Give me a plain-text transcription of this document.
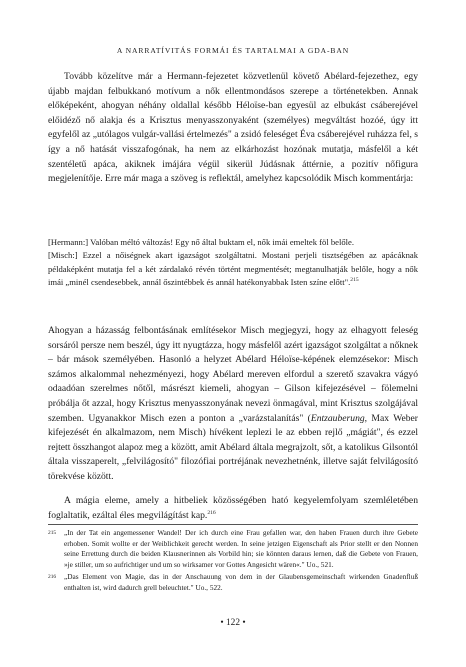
A NARRATÍVITÁS FORMÁI ÉS TARTALMAI A GDA-BAN

Tovább közelítve már a Hermann-fejezetet közvetlenül követő Abélard-fejezethez, egy újabb majdan felbukkanó motívum a nők ellentmondásos szerepe a történetekben. Annak előképeként, ahogyan néhány oldallal később Héloïse-ban egyesül az elbukást csáberejével előidéző nő alakja és a Krisztus menyasszonyaként (személyes) megváltást hozóé, úgy itt egyfelől az „utólagos vulgár-vallási értelmezés" a zsidó feleséget Éva csáberejével ruházza fel, s így a nő hatását visszafogónak, ha nem az elkárhozást hozónak mutatja, másfelől a két szentéletű apáca, akiknek imájára végül sikerül Júdásnak áttérnie, a pozitív nőfigura megjelenítője. Erre már maga a szöveg is reflektál, amelyhez kapcsolódik Misch kommentárja:

[Hermann:] Valóban méltó változás! Egy nő által buktam el, nők imái emeltek föl belőle.

[Misch:] Ezzel a nőiségnek akart igazságot szolgáltatni. Mostani perjeli tisztségében az apácáknak példaképként mutatja fel a két zárdalakó révén történt megmentését; megtanulhatják belőle, hogy a nők imái „minél csendesebbek, annál őszintébbek és annál hatékonyabbak Isten színe előtt".$^{215}$

Ahogyan a házasság felbontásának említésekor Misch megjegyzi, hogy az elhagyott feleség sorsáról persze nem beszél, úgy itt nyugtázza, hogy másfelől azért igazságot szolgáltat a nőknek – bár mások személyében. Hasonló a helyzet Abélard Héloïse-képének elemzésekor: Misch számos alkalommal nehezményezi, hogy Abélard mereven elfordul a szerető szavakra vágyó odaadóan szerelmes nőtől, másrészt kiemeli, ahogyan – Gilson kifejezésével – fölemelni próbálja őt azzal, hogy Krisztus menyasszonyának nevezi önmagával, mint Krisztus szolgájával szemben. Ugyanakkor Misch ezen a ponton a „varázstalanítás" (Entzauberung, Max Weber kifejezését én alkalmazom, nem Misch) hívékent leplezi le az ebben rejlő „mágiát", és ezzel rejtett összhangot alapoz meg a között, amit Abélard általa megrajzolt, sőt, a katolikus Gilsontól általa visszaperelt, „felvilágosító" filozófiai portréjának nevezhetnénk, illetve saját felvilágosító törekvése között.

A mágia eleme, amely a hitbeliek közösségében ható kegyelemfolyam szemléletében foglaltatik, ezáltal éles megvilágítást kap.$^{216}$

215	„In der Tat ein angemessener Wandel! Der ich durch eine Frau gefallen war, den haben Frauen durch ihre Gebete erhoben. Somit wollte er der Weiblichkeit gerecht werden. In seine jetzigen Eigenschaft als Prior stellt er den Nonnen seine Errettung durch die beiden Klausnerinnen als Vorbild hin; sie könnten daraus lernen, daß die Gebete von Frauen, »je stiller, um so aufrichtiger und um so wirksamer vor Gottes Angesicht wären«." Uo., 521.
216	„Das Element von Magie, das in der Anschauung von dem in der Glaubensgemeinschaft wirkenden Gnadenfluß enthalten ist, wird dadurch grell beleuchtet." Uo., 522.
• 122 •
